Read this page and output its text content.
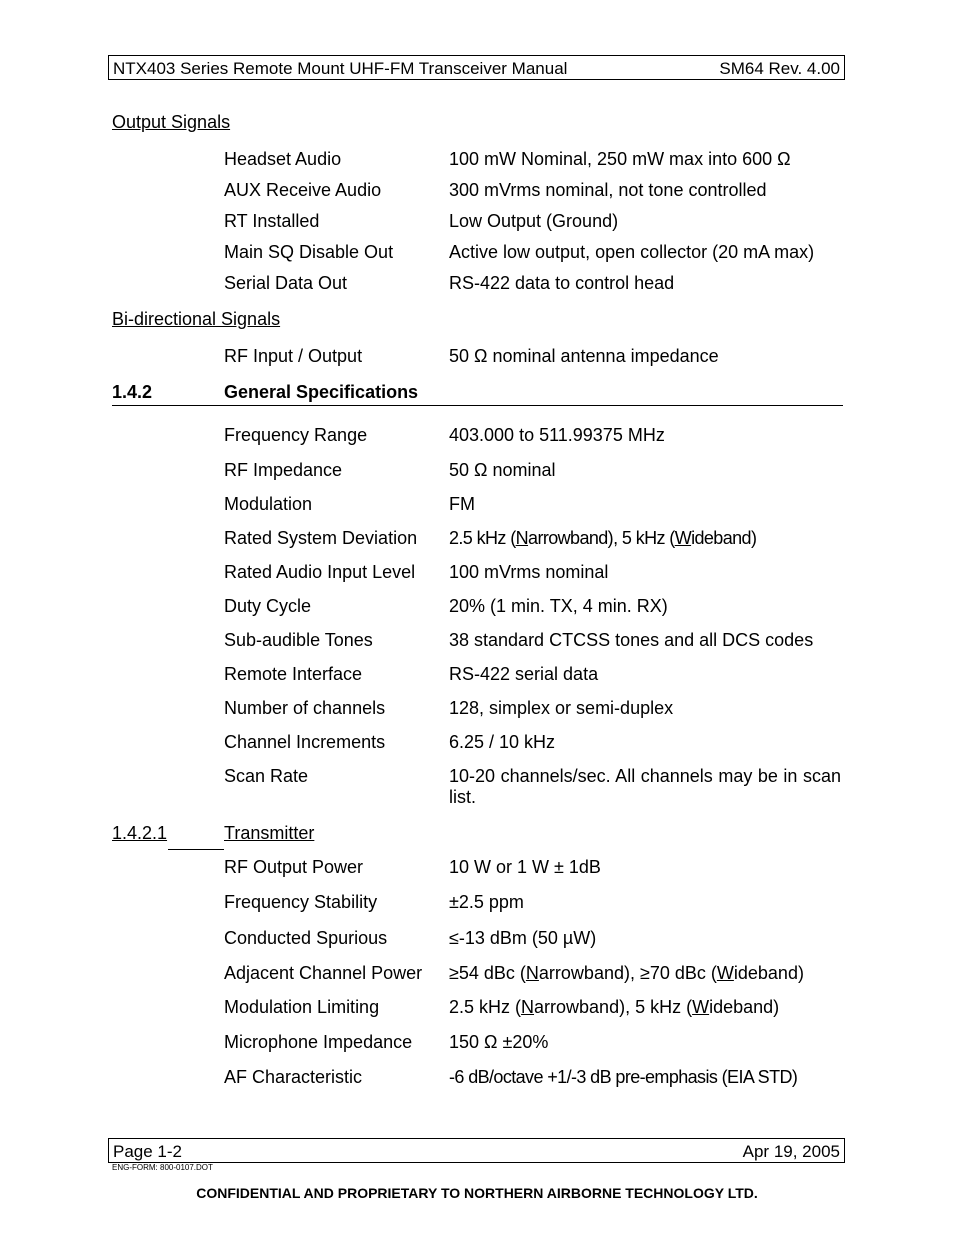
NTX403 Series Remote Mount UHF-FM Transceiver Manual	SM64 Rev. 4.00
Output Signals
Headset Audio	100 mW Nominal, 250 mW max into 600 Ω
AUX Receive Audio	300 mVrms nominal, not tone controlled
RT Installed	Low Output (Ground)
Main SQ Disable Out	Active low output, open collector (20 mA max)
Serial Data Out	RS-422 data to control head
Bi-directional Signals
RF Input / Output	50 Ω nominal antenna impedance
1.4.2	General Specifications
Frequency Range	403.000 to 511.99375 MHz
RF Impedance	50 Ω nominal
Modulation	FM
Rated System Deviation 2.5 kHz (Narrowband), 5 kHz (Wideband)
Rated Audio Input Level 100 mVrms nominal
Duty Cycle	20% (1 min. TX, 4 min. RX)
Sub-audible Tones	38 standard CTCSS tones and all DCS codes
Remote Interface	RS-422 serial data
Number of channels	128, simplex or semi-duplex
Channel Increments	6.25 / 10 kHz
Scan Rate	10-20 channels/sec. All channels may be in scan list.
1.4.2.1	Transmitter
RF Output Power	10 W or 1 W ± 1dB
Frequency Stability	±2.5 ppm
Conducted Spurious	≤-13 dBm (50 µW)
Adjacent Channel Power ≥54 dBc (Narrowband), ≥70 dBc (Wideband)
Modulation Limiting	2.5 kHz (Narrowband), 5 kHz (Wideband)
Microphone Impedance 150 Ω ±20%
AF Characteristic	-6 dB/octave +1/-3 dB pre-emphasis (EIA STD)
Page 1-2	Apr 19, 2005
ENG-FORM: 800-0107.DOT
CONFIDENTIAL AND PROPRIETARY TO NORTHERN AIRBORNE TECHNOLOGY LTD.
